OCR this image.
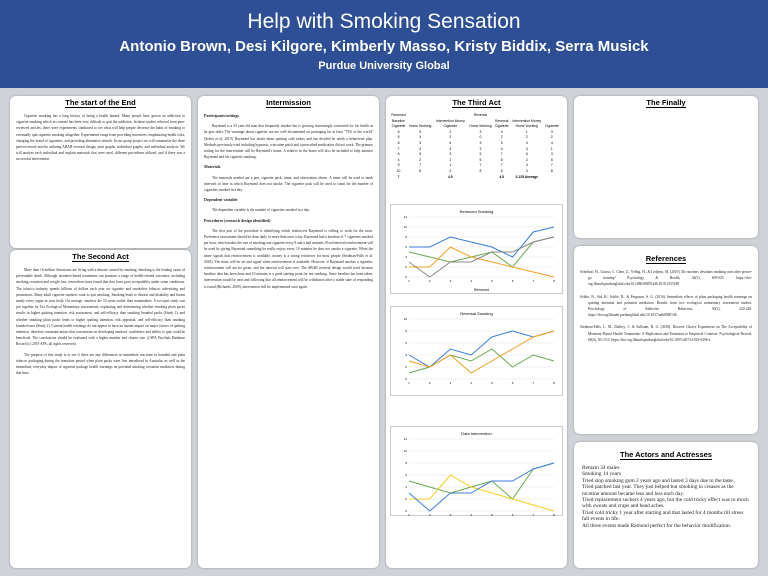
Help with Smoking Sensation
Antonio Brown, Desi Kilgore, Kimberly Masso, Kristy Biddix, Serra Musick
Purdue University Global
The start of the End

Cigarette smoking has a long history of being a health hazard. Many people have grown an addiction to cigarette smoking which in contrast has been very difficult to quit the addiction. In these studies selected from peer-reviewed articles, there were experiments conducted to see what will help people decrease the habit of smoking to eventually quit cigarette smoking altogether. Experiments range from providing incentives, emphasizing health risks, changing the brand of cigarettes, and providing alternative stimuli. In our group project we will summarize the three peer-reviewed articles utilizing ABAB reversal design, joint graphs, individual graphs, and individual analysis. We will analyze each individual and explain materials that were used, different procedures utilized, and if there was a successful intervention.

The Second Act

More than 16 million Americans are living with a disease caused by smoking. Smoking is the leading cause of preventable death. Although incentive-based treatments can promote a range of health-related outcomes, including smoking cessation and weight loss, researchers have found that they have poor acceptability under some conditions. The tobacco industry spends billions of dollars each year on cigarette and smokeless tobacco advertising and promotions. Many adult cigarette smokers want to quit smoking. Smoking leads to disease and disability and harms nearly every organ in your body. On average, smokers die 10 years earlier than nonsmokers. A two-part study was put together by Tex Ecological Momentary assessments, explaining and determining whether smoking plain packs results in higher quitting intention, risk assessment, and self-efficacy than smoking branded packs (Study 1), and whether smoking plain packs leads to higher quitting intention, risk appraisal, and self-efficacy than smoking branded ones (Study 2). Current health warnings do not appear to have an instant impact on major factors of quitting intention, therefore communications that concentrate on developing smokers' confidence and ability to quit could be beneficial. The conclusions should be evaluated with a higher number and clearer size. ((APA PsycInfo Database Record (c) 2019 APA, all rights reserved).

The purpose of this study is to see if there are any differences in immediate reactions to branded and plain tobacco packaging during the transition period when plain packs were first introduced in Australia, as well as the immediate, everyday impact of cigarette package health warnings on potential smoking cessation mediators during that time.

Intermission
Participants/settings

Raymond is a 34 year old man that frequently smokes but is growing increasingly concerned for his health as he gets older. The warnings about cigarette use are well documented on packaging for at least "75% of the world" (Selser et al, 2019). Raymond has doubt about quitting cold turkey and has decided he needs a behavioral plan. Methods previously tried including hypnosis, a nicotine patch and a prescribed medication did not work. The primary setting for the intervention will be Raymond's home. A relative in the home will also be included to help monitor Raymond and his cigarette smoking.

Materials

The materials needed are a pen, cigarette pack, timer, and observation sheets. A timer will be used to mark intervals of time in which Raymond does not smoke. The cigarette pack will be used to count for the number of cigarettes smoked in a day.

Dependent variable

The dependent variable is the number of cigarettes smoked in a day.

Procedures (research design identified)

The first part of the procedure is identifying which reinforcers Raymond is willing to work for the most. Preference assessment should be done daily or more than once a day. Raymond had a baseline of 7 cigarettes smoked per hour, which makes the rate of smoking one cigarette every 8 and a half minutes. Fixed interval reinforcement will be used by giving Raymond something he really enjoys every 10 minutes he does not smoke a cigarette. When the timer signals that reinforcement is available, money is a strong reinforcer for most people (Stedman-Falls et al. 2018). The timer will be set and signal when reinforcement is available. However, if Raymond smokes a cigarette, reinforcement will not be given, and the interval will start over. The ABAB reversal design would work because baseline data has been done and 10 minutes is a good starting point for not smoking. Since baseline has been taken, intervention would be next and following that all reinforcement will be withdrawn after a stable state of responding is found (Richards, 2009), intervention will be implemented once again.

The Third Act
Removed			Reversal			
Baseline		Intervention Money		Reversal	Intervention Money	
Cigarette	Home Working	Cigarette	Home Working	Cigarette	Home Working	Cigarette
6	5	2	3	4	1	3
6	4	2	0	2	2	2
8	3	6	3	5	4	4
7	4	4	3	4	3	1
6	5	3	5	7	5	3
4	2	2	5	8	2	5
9	7	1	7	7	4	7
10	8	0	8	8	3	8
7		4.5		4.5	3.125 Average	
Removed Smoking
0
2
4
6
8
10
12
1	2	3	4	5	6	7	8
Removed
Reversal Smoking
0
2
4
6
8
10
1	2	3	4	5	6	7	8
Data Intervention
0
2
4
6
8
10
12
1	2	3	4	5	6	7	8
The Finally
References

Schelinsi, H., Grasso, I., Chen, Z., Vellng, H., & Ledjeon, M. (2019). Do smokers devalues smoking cues after power-go training? Psychology & Health, 34(5), 609-625. https://doi-org.libauth.purdueglobal.edu/10.1080/08870446.2018.1555180

Schlie, N., Sid, H., Schlie, B., & Ferguson, S. G. (2016). Immediate effects of plain packaging health warnings on quitting intention and potential mediators: Results from two ecological momentary assessment studies. Psychology of Addictive Behaviors, 30(2), 220-228. https://doi.org/libauth.purdueglobal.edu/10.1037/adb0000146

Stedman-Falls, L. M., Dallery, J., & Salloum, R. G. (2018). Discrete Choice Experiment on The Acceptability of Monetary-Based Health Treatments: A Replication and Extension to Empirical Contexts. Psychological Record, 68(4), 501-513. https://doi-org.libauth.purdueglobal.edu/10.1007/s40732-018-0296-z

The Actors and Actresses
Remain 34 males
Smoking 14 years
Tried stop smoking gum 2 years ago and lasted 3 days due to the taste.
Tried patched last year. They just helped but smoking in creases as the nicotine amount became less and less each day.
Tried replacement suckers 4 years ago, but the cold tricky effect was to much with sweats and craps and head aches.
Tried cold tricky 1 year after starting and that lasted for 4 months till stress fall events in life.
All three events made Ramond perfect for the behavior modification.
